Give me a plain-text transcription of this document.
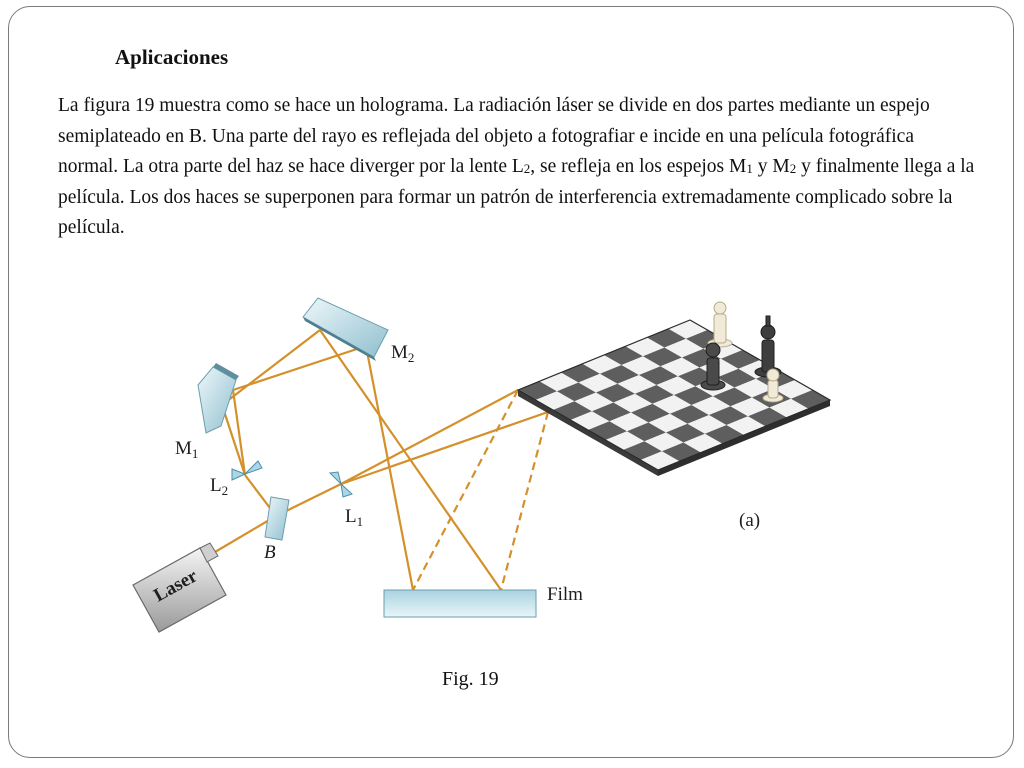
Aplicaciones

La figura 19 muestra como se hace un holograma. La radiación láser se divide en dos partes mediante un espejo semiplateado en B. Una parte del rayo es reflejada del objeto a fotografiar e incide en una película fotográfica normal. La otra parte del haz se hace diverger por la lente $L_2$, se refleja en los espejos $M_1$ y $M_2$ y finalmente llega a la película. Los dos haces se superponen para formar un patrón de interferencia extremadamente complicado sobre la película.

Laser	Film
$M_1$
$M_2$
$L_2$
$L_1$
B
(a)

Fig. 19
